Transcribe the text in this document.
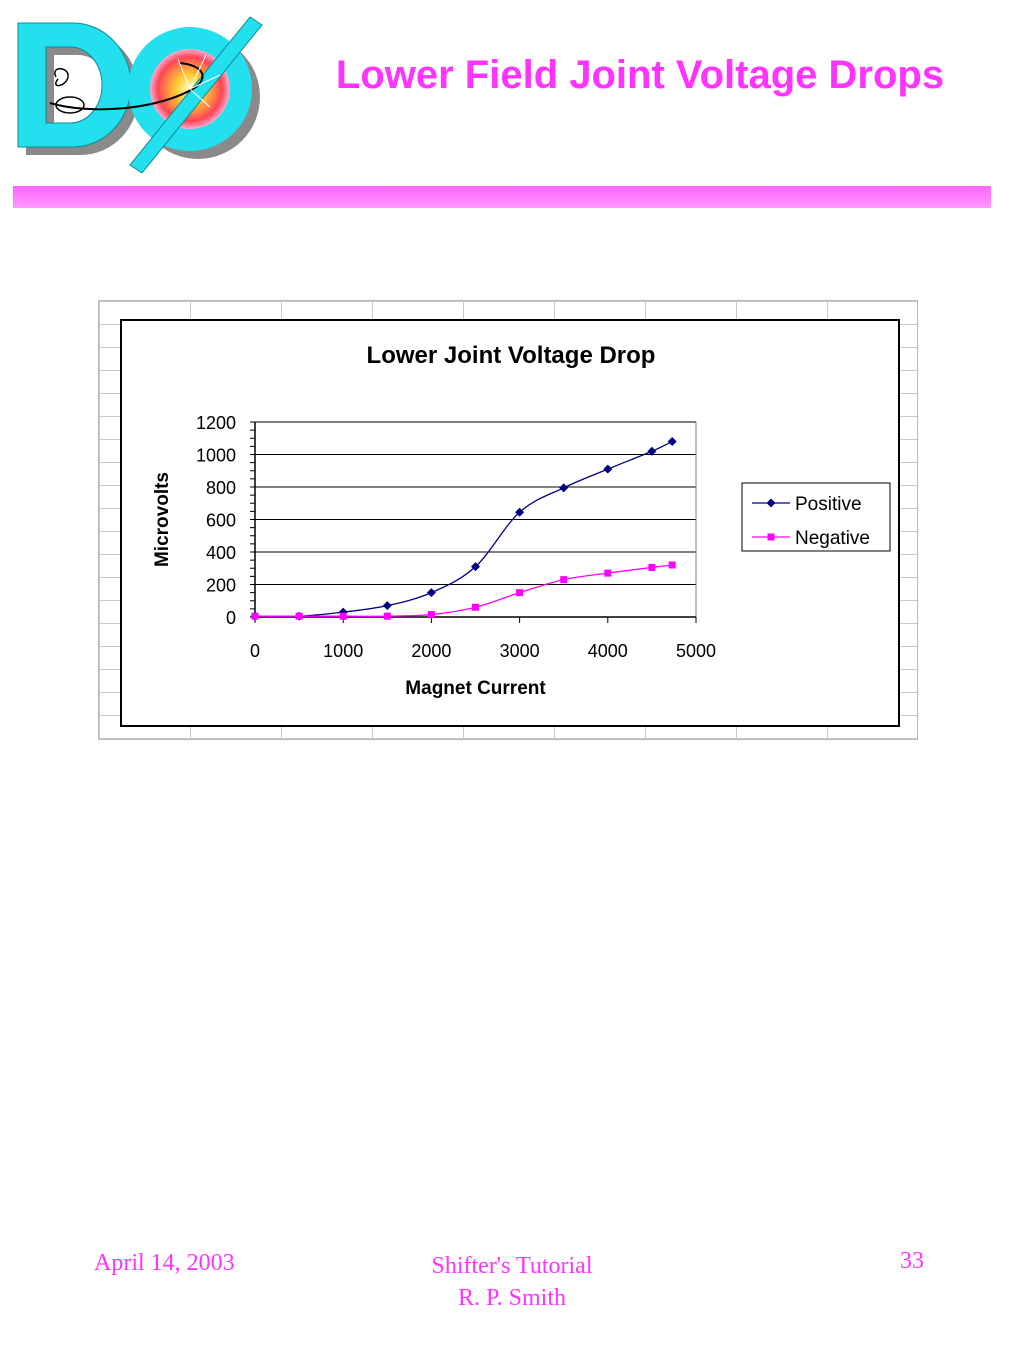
Lower Field Joint Voltage Drops
Lower Joint Voltage Drop
0
200
400
600
800
1000
1200
0	1000	2000	3000	4000	5000
Magnet Current
Microvolts	Positive
Negative
April 14, 2003	Shifter's Tutorial
R. P. Smith
33
